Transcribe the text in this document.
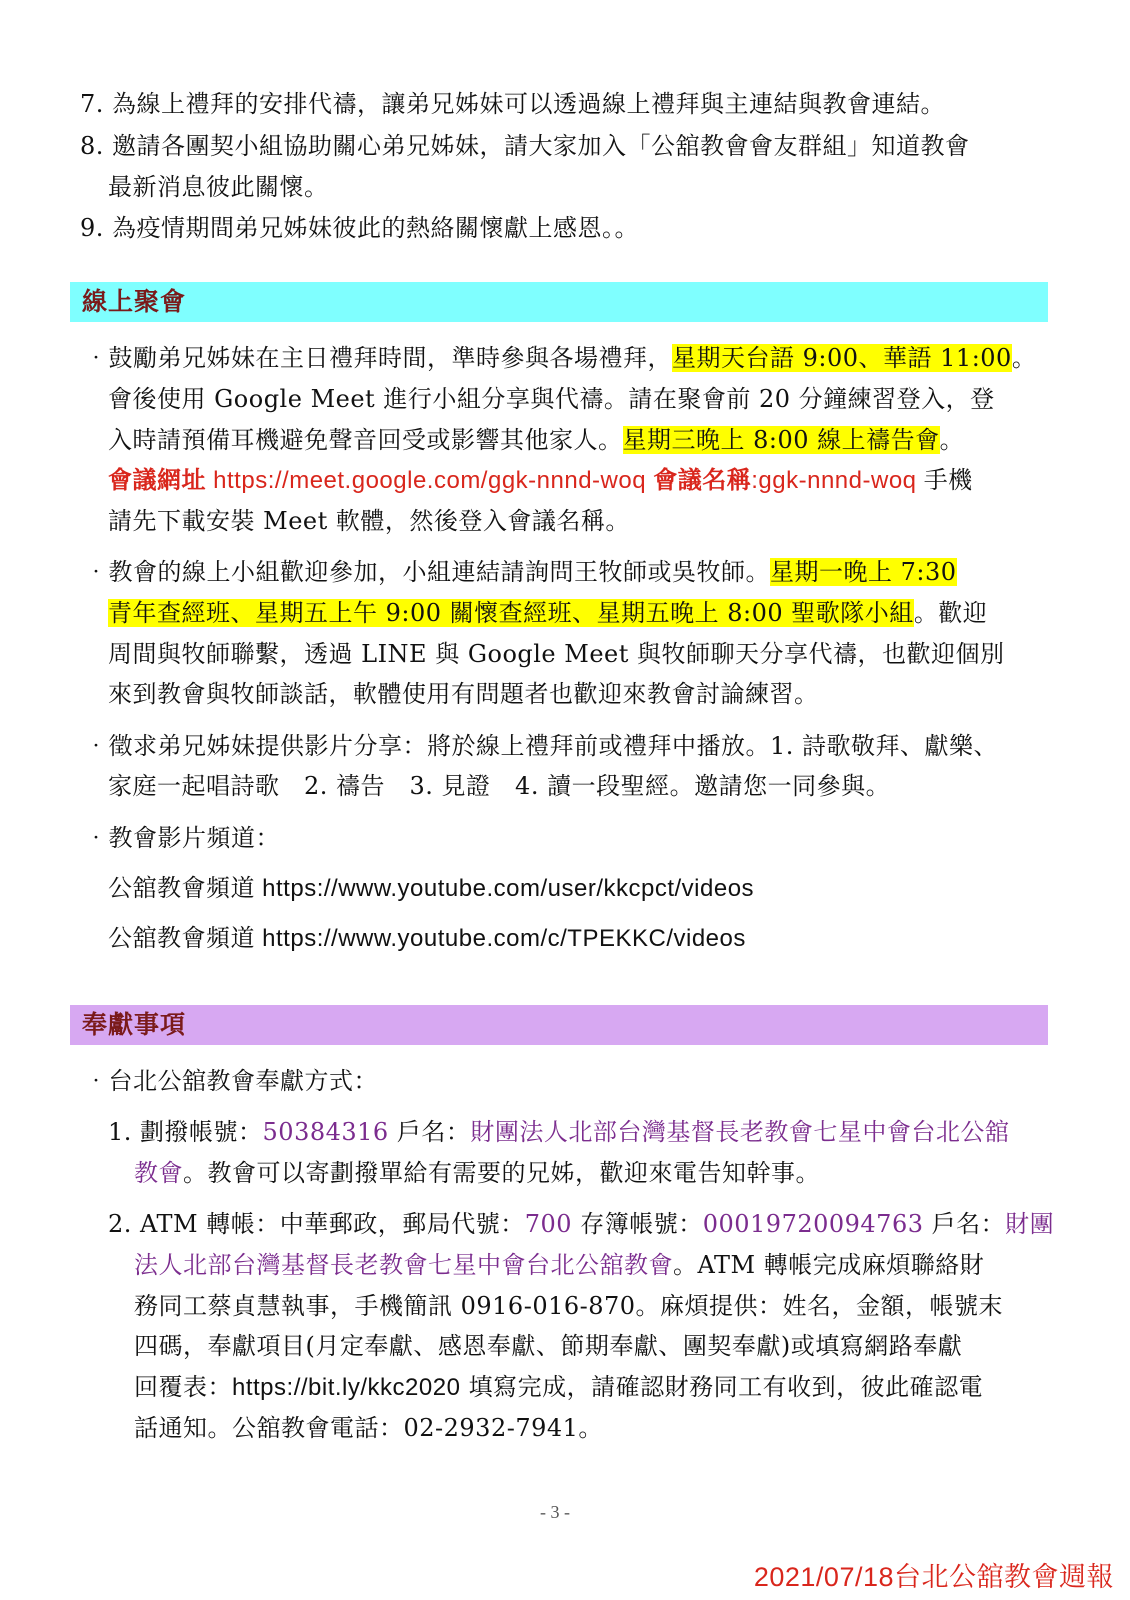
7. 為線上禮拜的安排代禱，讓弟兄姊妹可以透過線上禮拜與主連結與教會連結。
8. 邀請各團契小組協助關心弟兄姊妹，請大家加入「公舘教會會友群組」知道教會
最新消息彼此關懷。
9. 為疫情期間弟兄姊妹彼此的熱絡關懷獻上感恩。。
線上聚會
‧鼓勵弟兄姊妹在主日禮拜時間，準時參與各場禮拜，星期天台語 9:00、華語 11:00。
會後使用 Google Meet 進行小組分享與代禱。請在聚會前 20 分鐘練習登入，登
入時請預備耳機避免聲音回受或影響其他家人。星期三晚上 8:00 線上禱告會。
會議網址 https://meet.google.com/ggk-nnnd-woq 會議名稱:ggk-nnnd-woq 手機
請先下載安裝 Meet 軟體，然後登入會議名稱。
‧教會的線上小組歡迎參加，小組連結請詢問王牧師或吳牧師。星期一晚上 7:30
青年查經班、星期五上午 9:00 關懷查經班、星期五晚上 8:00 聖歌隊小組。歡迎
周間與牧師聯繫，透過 LINE 與 Google Meet 與牧師聊天分享代禱，也歡迎個別
來到教會與牧師談話，軟體使用有問題者也歡迎來教會討論練習。
‧徵求弟兄姊妹提供影片分享：將於線上禮拜前或禮拜中播放。1. 詩歌敬拜、獻樂、
家庭一起唱詩歌　2. 禱告　3. 見證　4. 讀一段聖經。邀請您一同參與。
‧教會影片頻道：
公舘教會頻道 https://www.youtube.com/user/kkcpct/videos
公舘教會頻道 https://www.youtube.com/c/TPEKKC/videos
奉獻事項
‧台北公舘教會奉獻方式：
1. 劃撥帳號：50384316 戶名：財團法人北部台灣基督長老教會七星中會台北公舘
教會。教會可以寄劃撥單給有需要的兄姊，歡迎來電告知幹事。
2. ATM 轉帳：中華郵政，郵局代號：700 存簿帳號：00019720094763 戶名：財團
法人北部台灣基督長老教會七星中會台北公舘教會。ATM 轉帳完成麻煩聯絡財
務同工蔡貞慧執事，手機簡訊 0916-016-870。麻煩提供：姓名，金額，帳號末
四碼，奉獻項目(月定奉獻、感恩奉獻、節期奉獻、團契奉獻)或填寫網路奉獻
回覆表：https://bit.ly/kkc2020 填寫完成，請確認財務同工有收到，彼此確認電
話通知。公舘教會電話：02-2932-7941。
- 3 -
2021/07/18台北公舘教會週報
